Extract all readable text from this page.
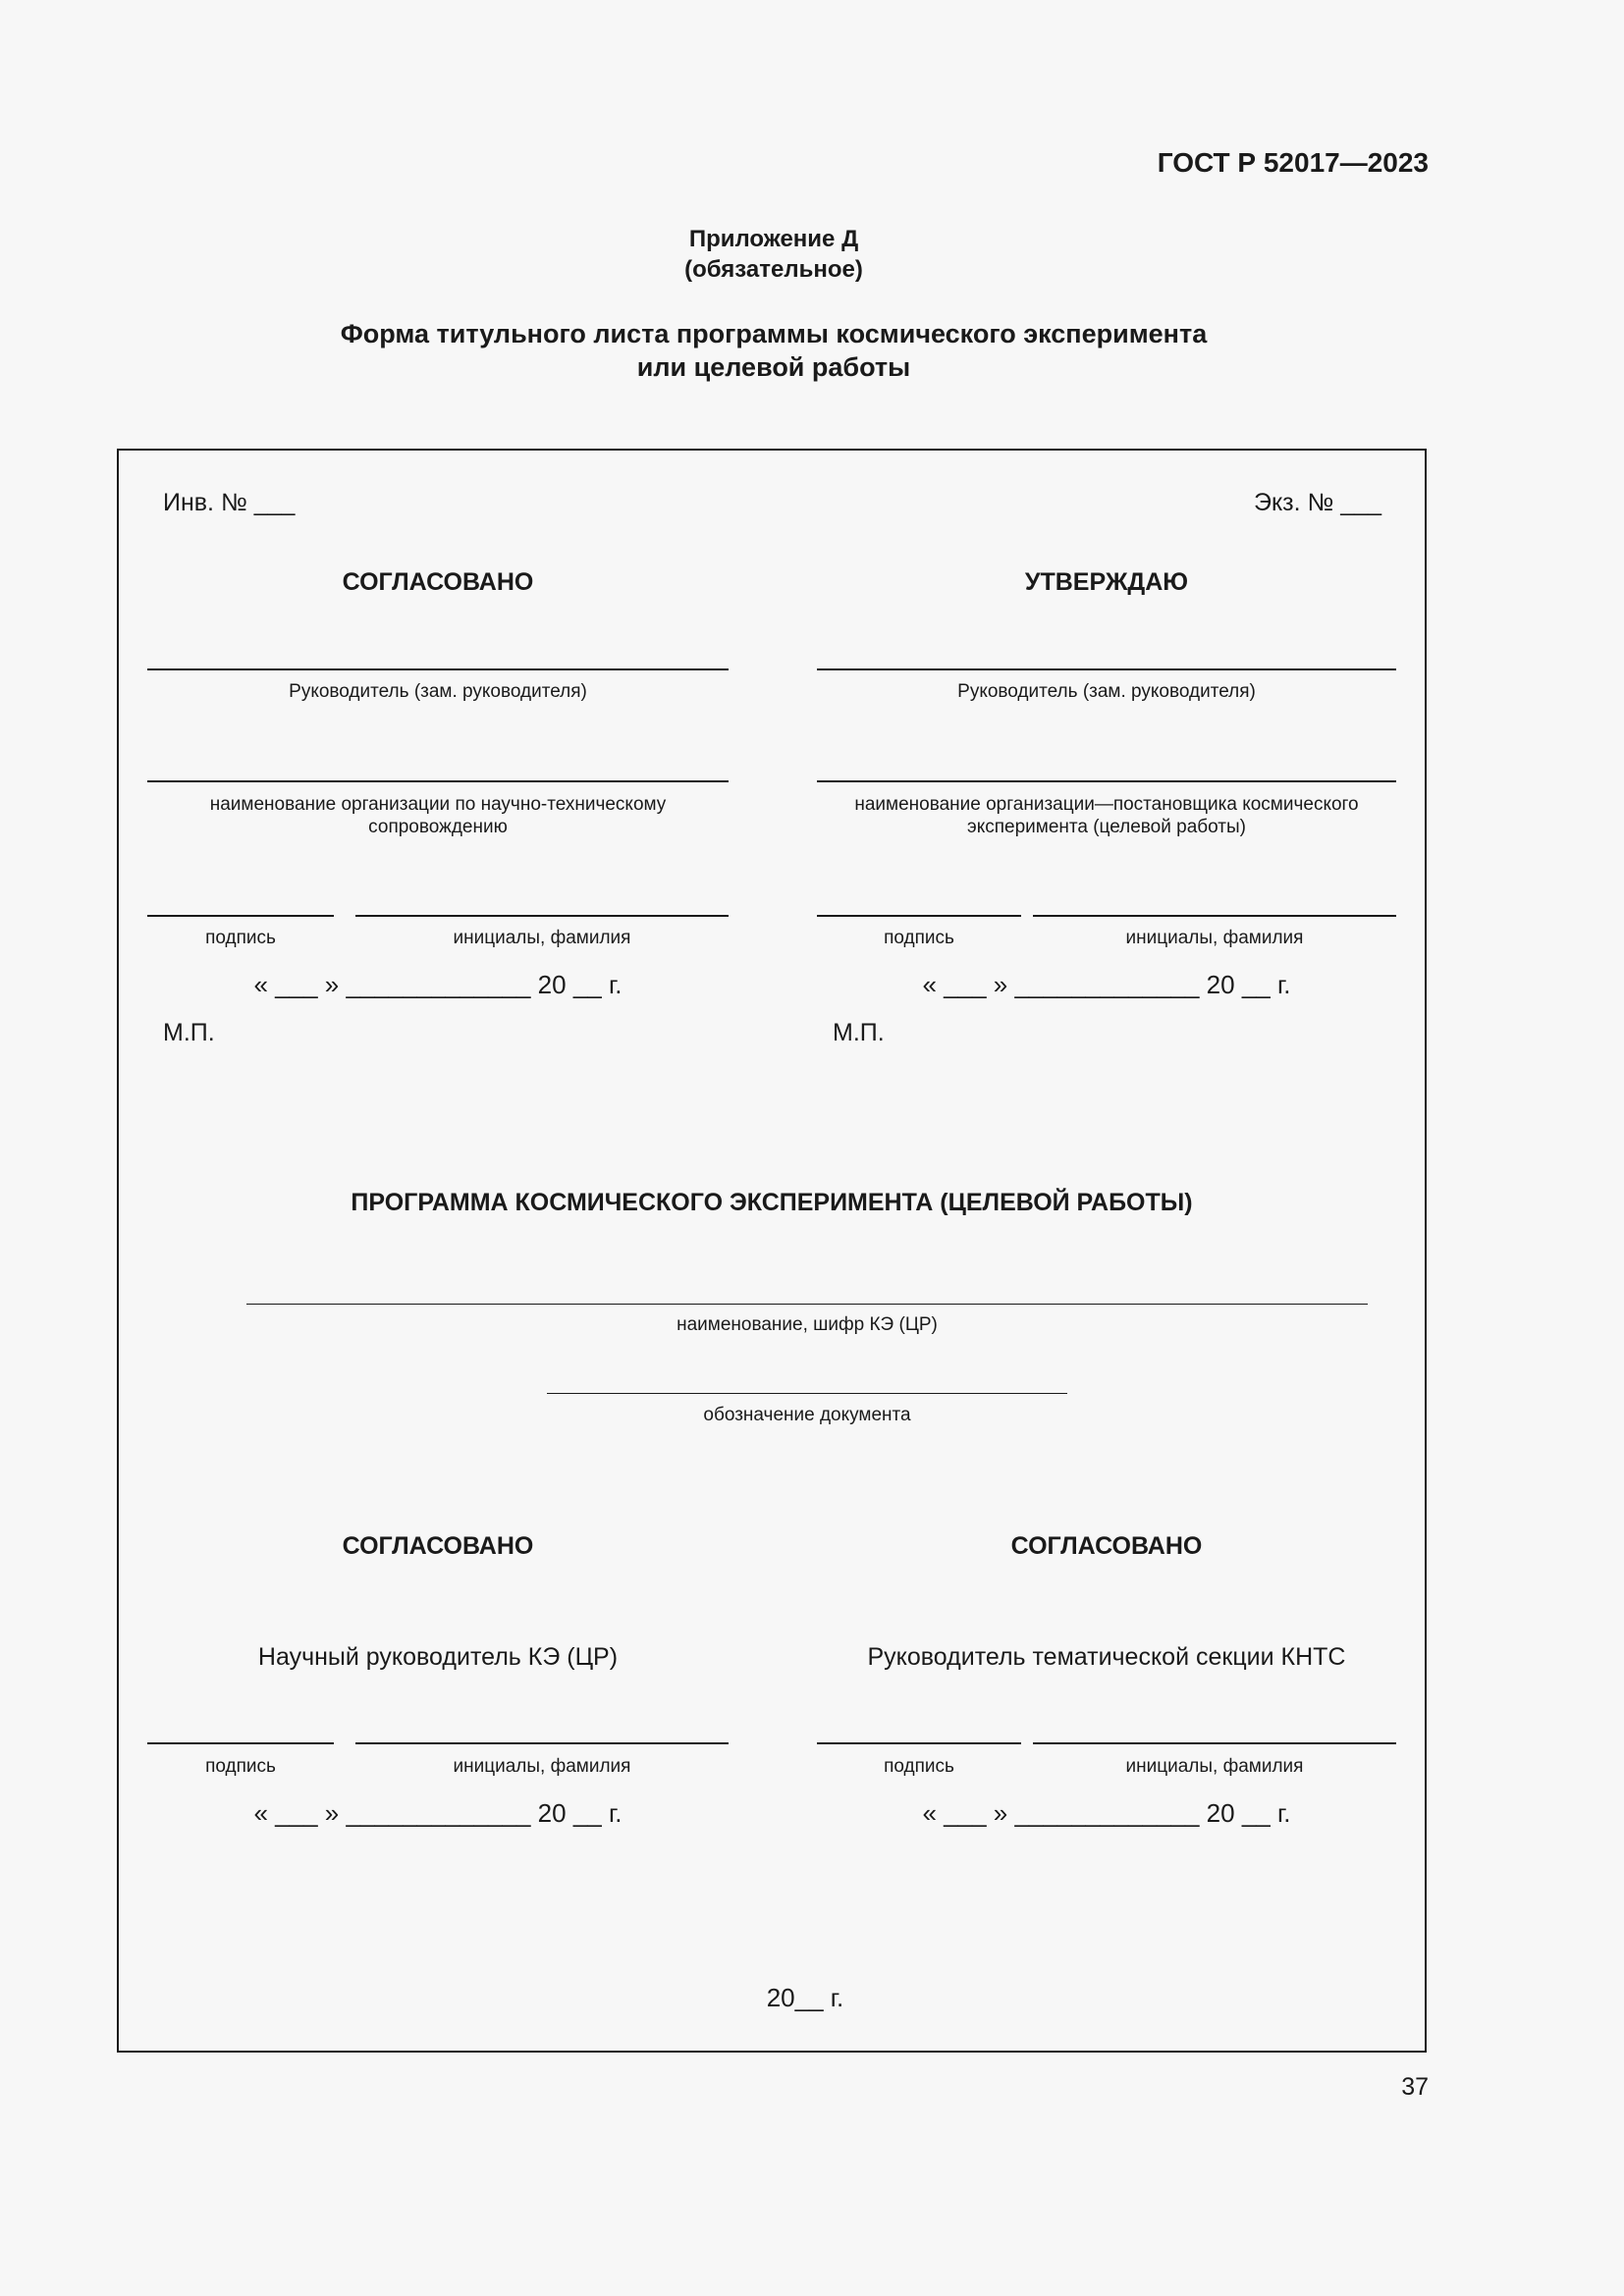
ГОСТ Р 52017—2023
Приложение Д
(обязательное)
Форма титульного листа программы космического эксперимента
или целевой работы
Инв. № ___	Экз. № ___
СОГЛАСОВАНО
Руководитель (зам. руководителя)
наименование организации по научно-техническому
сопровождению
подпись	инициалы, фамилия
« ___ » _____________ 20 __ г.
М.П.
УТВЕРЖДАЮ
Руководитель (зам. руководителя)
наименование организации—постановщика космического
эксперимента (целевой работы)
подпись	инициалы, фамилия
« ___ » _____________ 20 __ г.
М.П.
ПРОГРАММА КОСМИЧЕСКОГО ЭКСПЕРИМЕНТА (ЦЕЛЕВОЙ РАБОТЫ)
наименование, шифр КЭ (ЦР)
обозначение документа
СОГЛАСОВАНО
Научный руководитель КЭ (ЦР)
подпись	инициалы, фамилия
« ___ » _____________ 20 __ г.
СОГЛАСОВАНО
Руководитель тематической секции КНТС
подпись	инициалы, фамилия
« ___ » _____________ 20 __ г.
20__ г.
37
